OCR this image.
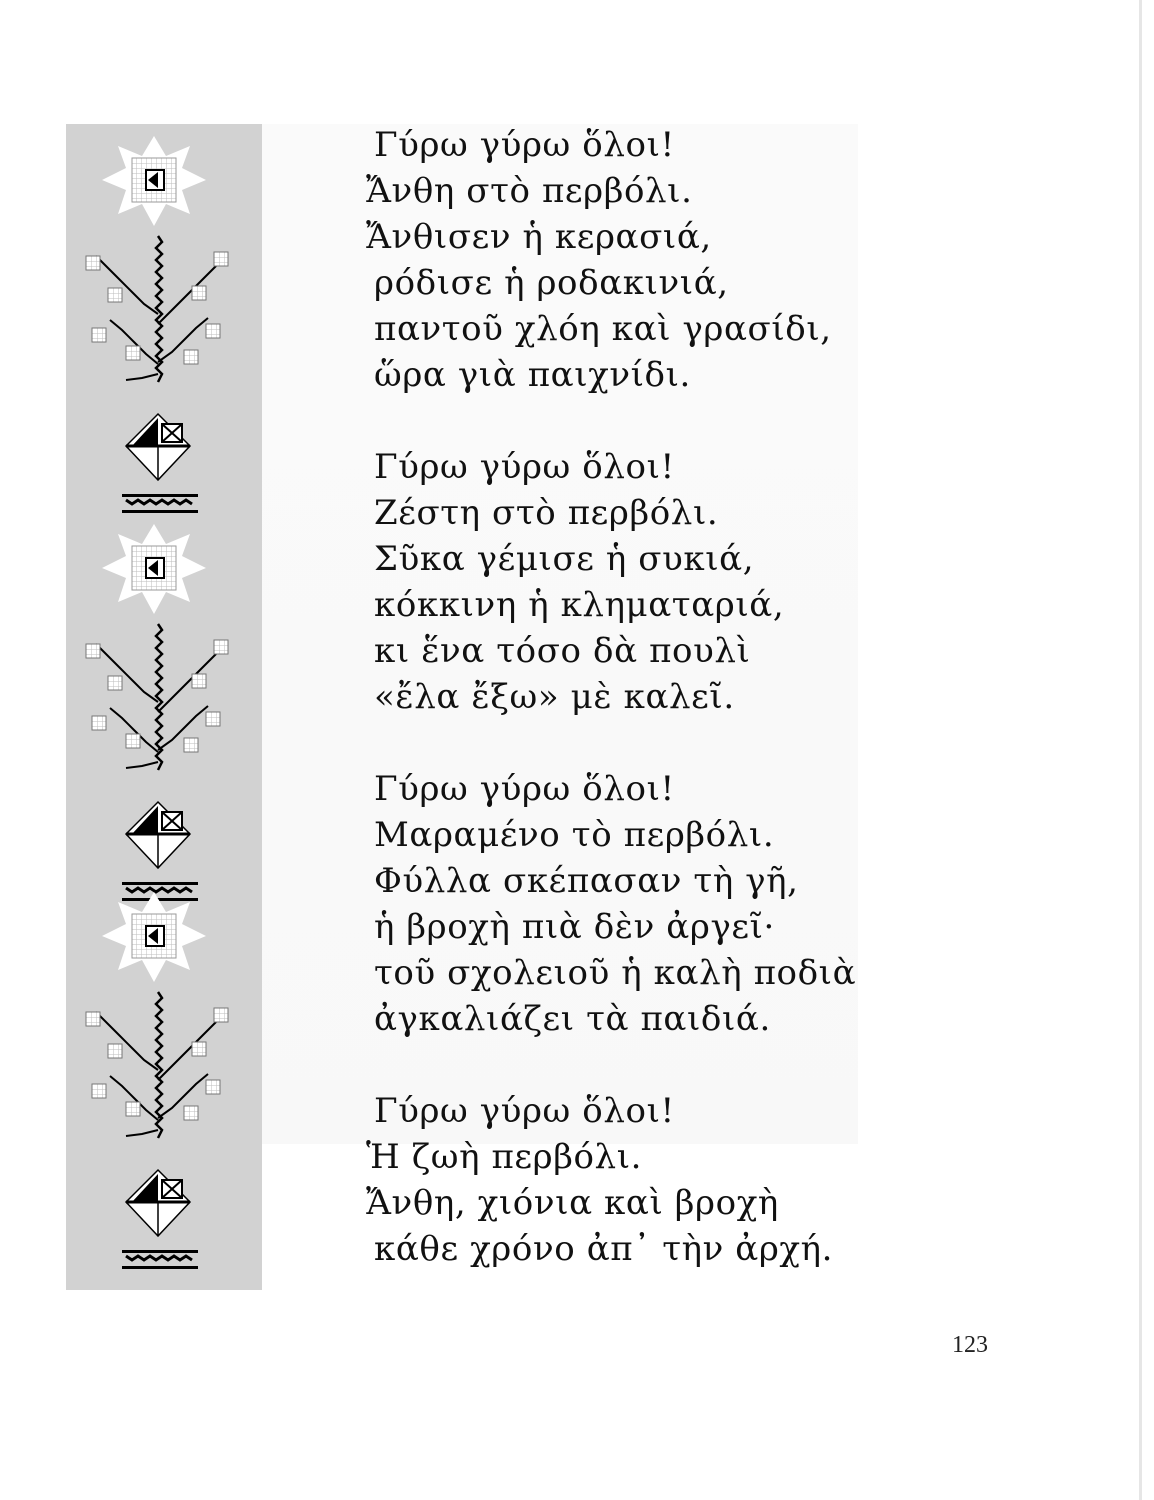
Γύρω γύρω ὅλοι!
Ἄνθη στὸ περβόλι.
Ἄνθισεν ἡ κερασιά,
ρόδισε ἡ ροδακινιά,
παντοῦ χλόη καὶ γρασίδι,
ὥρα γιὰ παιχνίδι.
Γύρω γύρω ὅλοι!
Ζέστη στὸ περβόλι.
Σῦκα γέμισε ἡ συκιά,
κόκκινη ἡ κληματαριά,
κι ἕνα τόσο δὰ πουλὶ
«ἔλα ἔξω» μὲ καλεῖ.
Γύρω γύρω ὅλοι!
Μαραμένο τὸ περβόλι.
Φύλλα σκέπασαν τὴ γῆ,
ἡ βροχὴ πιὰ δὲν ἀργεῖ·
τοῦ σχολειοῦ ἡ καλὴ ποδιὰ
ἀγκαλιάζει τὰ παιδιά.
Γύρω γύρω ὅλοι!
Ἡ ζωὴ περβόλι.
Ἄνθη, χιόνια καὶ βροχὴ
κάθε χρόνο ἀπ᾽ τὴν ἀρχή.
123
